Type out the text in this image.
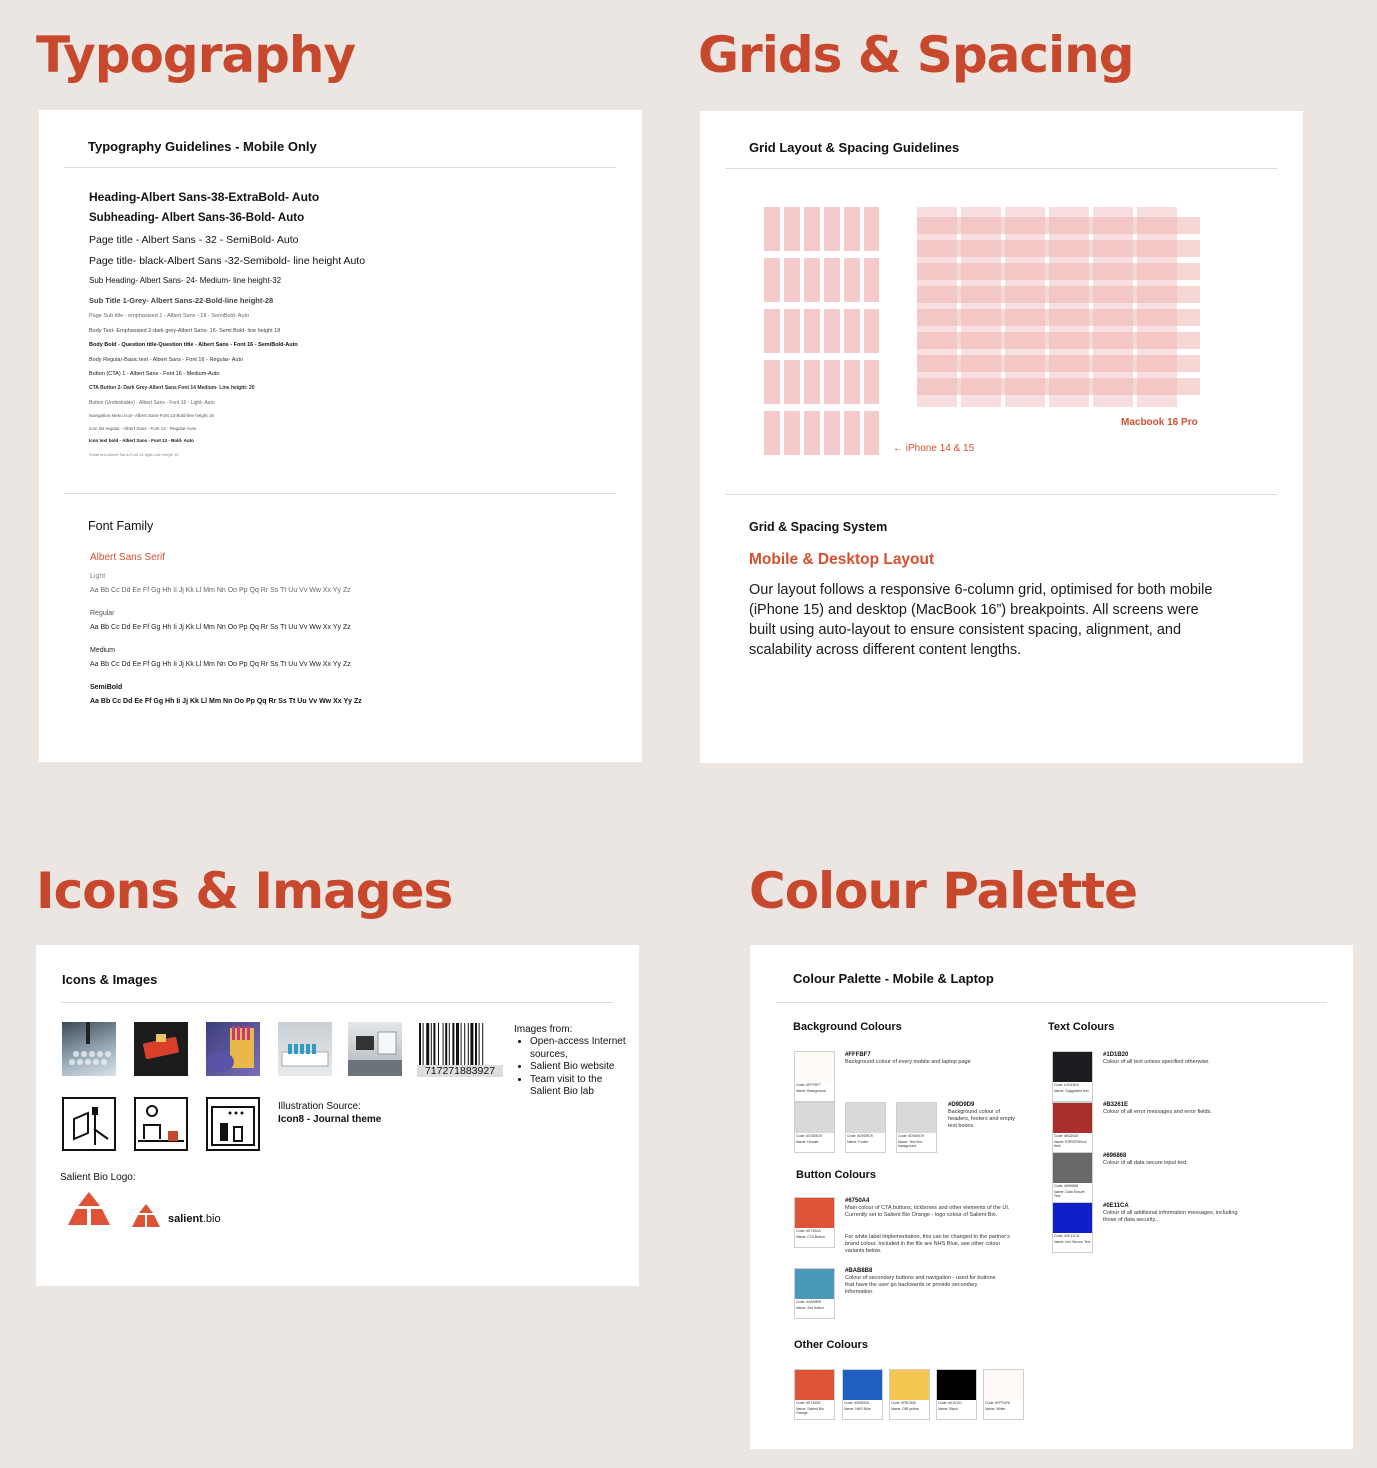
Typography	Grids & Spacing
Icons & Images	Colour Palette
Typography Guidelines - Mobile Only
Heading-Albert Sans-38-ExtraBold- Auto
Subheading- Albert Sans-36-Bold- Auto
Page title - Albert Sans - 32 - SemiBold- Auto
Page title- black-Albert Sans -32-Semibold- line height Auto
Sub Heading- Albert Sans- 24- Medium- line height-32
Sub Title 1-Grey- Albert Sans-22-Bold-line height-28
Page Sub title - emphasised 1 - Albert Sans - 18 - SemiBold- Auto
Body Text- Emphasised 2-dark grey-Albert Sans- 16- Semi Bold- line height 18
Body Bold - Question title-Question title - Albert Sans - Font 16 - SemiBold-Auto
Body Regular-Basic text - Albert Sans - Font 16 - Regular- Auto
Button (CTA) 1 - Albert Sans - Font 16 - Medium-Auto
CTA Button 2- Dark Grey-Albert Sans Font 14 Medium- Line height: 20
Button (Undesirable) - Albert Sans - Font 16 - Light- Auto
Navigation Menu Icon- Albert Sans-Font 13-Bold-line height 16
Icon list regular - Albert Sans - Font 13 - Regular-Auto
Icon text bold - Albert Sans - Font 13 - Bold- Auto
Small text-Albert Sans-Font 12-light-Line height 16
Font Family
Albert Sans Serif
Light
Aa Bb Cc Dd Ee Ff Gg Hh Ii Jj Kk Ll Mm Nn Oo Pp Qq Rr Ss Tt Uu Vv Ww Xx Yy Zz
Regular
Aa Bb Cc Dd Ee Ff Gg Hh Ii Jj Kk Ll Mm Nn Oo Pp Qq Rr Ss Tt Uu Vv Ww Xx Yy Zz
Medium
Aa Bb Cc Dd Ee Ff Gg Hh Ii Jj Kk Ll Mm Nn Oo Pp Qq Rr Ss Tt Uu Vv Ww Xx Yy Zz
SemiBold
Aa Bb Cc Dd Ee Ff Gg Hh Ii Jj Kk Ll Mm Nn Oo Pp Qq Rr Ss Tt Uu Vv Ww Xx Yy Zz
Grid Layout & Spacing Guidelines
← iPhone 14 & 15
Macbook 16 Pro
Grid & Spacing System
Mobile & Desktop Layout
Our layout follows a responsive 6-column grid, optimised for both mobile (iPhone 15) and desktop (MacBook 16”) breakpoints. All screens were built using auto-layout to ensure consistent spacing, alignment, and scalability across different content lengths.
Icons & Images
717271883927
Images from:
• Open-access Internet sources,
• Salient Bio website
• Team visit to the Salient Bio lab
Illustration Source:
Icon8 - Journal theme
Salient Bio Logo:
salient.bio
Colour Palette - Mobile & Laptop
Background Colours	Text Colours
Code: #FFF8F7
Name: Background
#FFFBF7
Background colour of every mobile and laptop page
Code: #D9D9D9
Name: Header
Code: #D9D9D9
Name: Footer
Code: #D9D9D9
Name: Text box background
#D9D9D9
Background colour of headers, footers and empty text boxes.
Button Colours
Code: #E7452A
Name: CTA Button
#6750A4
Main colour of CTA buttons, tickboxes and other elements of the UI. Currently set to Salient Bio Orange - logo colour of Salient Bio.
For white label implementation, this can be changed to the partner's brand colour. Included in the file are NHS Blue, see other colour variants below.
Code: #4A99B8
Name: 2nd button
#BAB8B8
Colour of secondary buttons and navigation - used for buttons that have the user go backwards or provide secondary information.
Code: #1D1B20
Name: Suggested text
#1D1B20
Colour of all text unless specified otherwise.
Code: #B3261E
Name: ERROR/Error field
#B3261E
Colour of all error messages and error fields.
Code: #696868
Name: Data Secure Text
#696868
Colour of all data secure input text.
Code: #0E11CA
Name: Info Secure Text
#0E11CA
Colour of all additional information messages, including those of data security..
Other Colours
Code: #E74525
Name: Salient Bio Orange
Code: #005EB8
Name: NHS Blue
Code: #F8C526
Name: OIB yellow
Code: #010101
Name: Black
Code: #FFFAF8
Name: White
